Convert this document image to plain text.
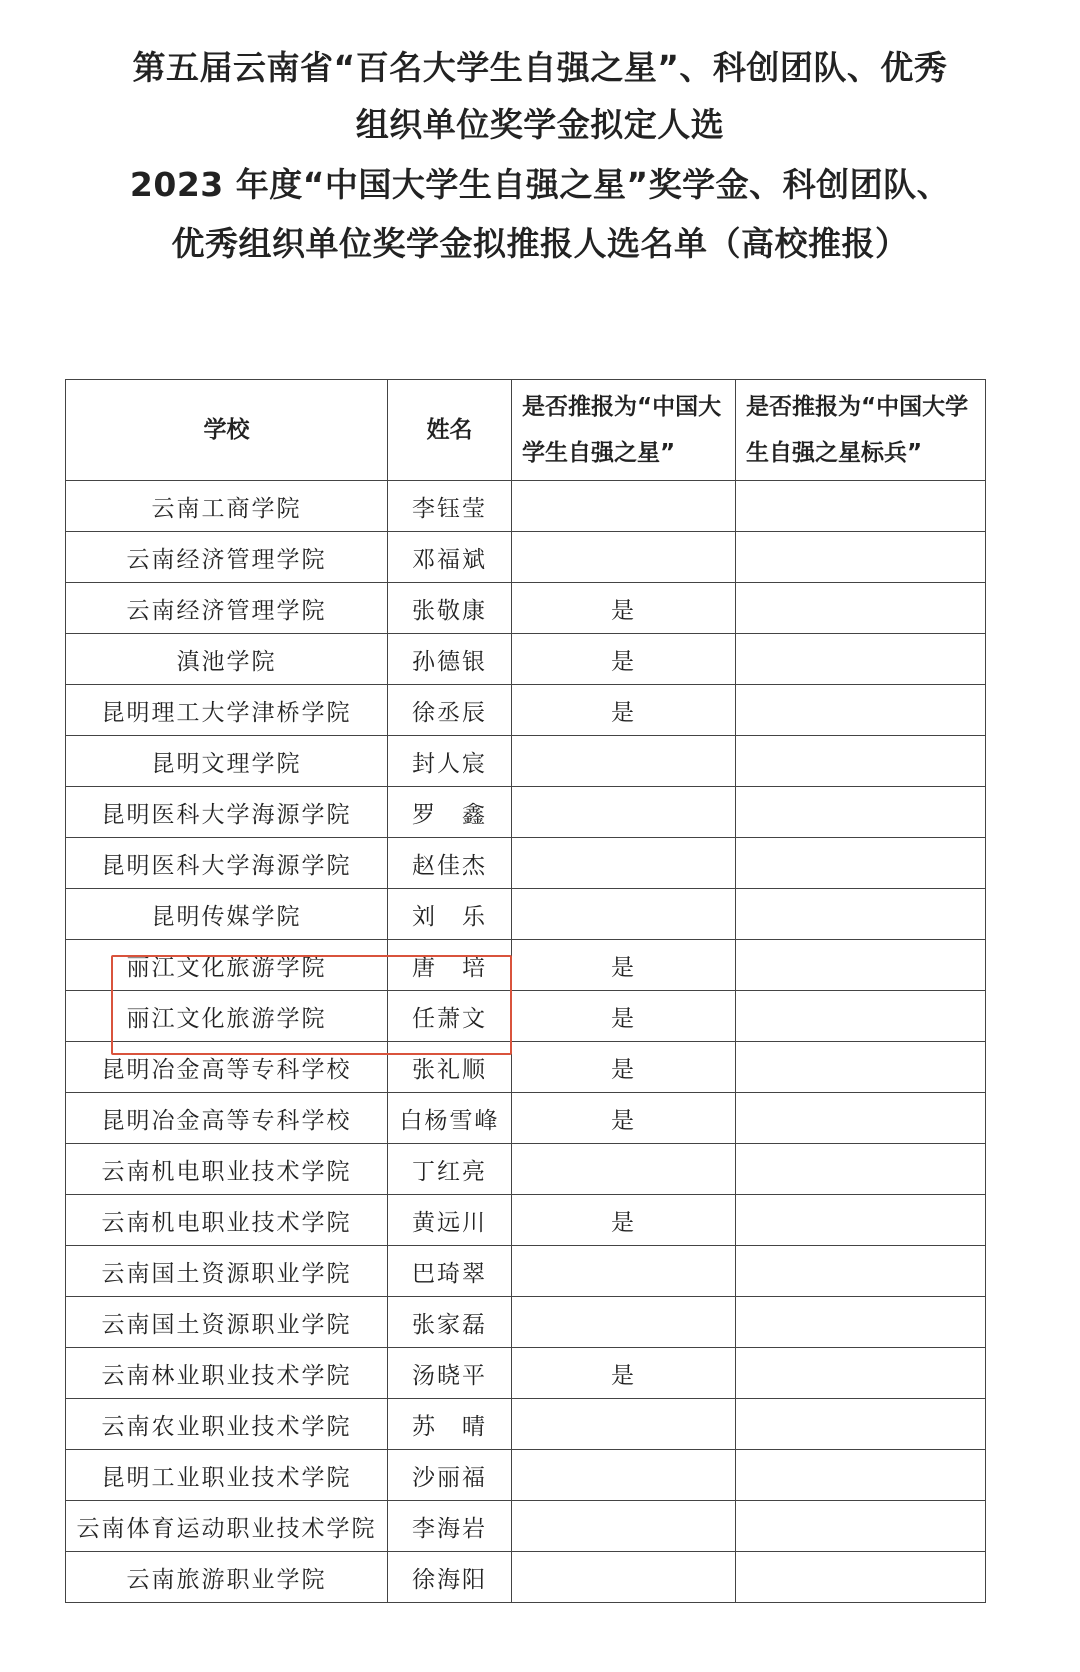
第五届云南省“百名大学生自强之星”、科创团队、优秀
组织单位奖学金拟定人选
2023 年度“中国大学生自强之星”奖学金、科创团队、
优秀组织单位奖学金拟推报人选名单（高校推报）
学校	姓名	是否推报为“中国大学生自强之星”	是否推报为“中国大学生自强之星标兵”
云南工商学院	李钰莹		
云南经济管理学院	邓福斌		
云南经济管理学院	张敬康	是	
滇池学院	孙德银	是	
昆明理工大学津桥学院	徐丞辰	是	
昆明文理学院	封人宸		
昆明医科大学海源学院	罗　鑫		
昆明医科大学海源学院	赵佳杰		
昆明传媒学院	刘　乐		
丽江文化旅游学院	唐　培	是	
丽江文化旅游学院	任萧文	是	
昆明冶金高等专科学校	张礼顺	是	
昆明冶金高等专科学校	白杨雪峰	是	
云南机电职业技术学院	丁红亮		
云南机电职业技术学院	黄远川	是	
云南国土资源职业学院	巴琦翠		
云南国土资源职业学院	张家磊		
云南林业职业技术学院	汤晓平	是	
云南农业职业技术学院	苏　晴		
昆明工业职业技术学院	沙丽福		
云南体育运动职业技术学院	李海岩		
云南旅游职业学院	徐海阳		
